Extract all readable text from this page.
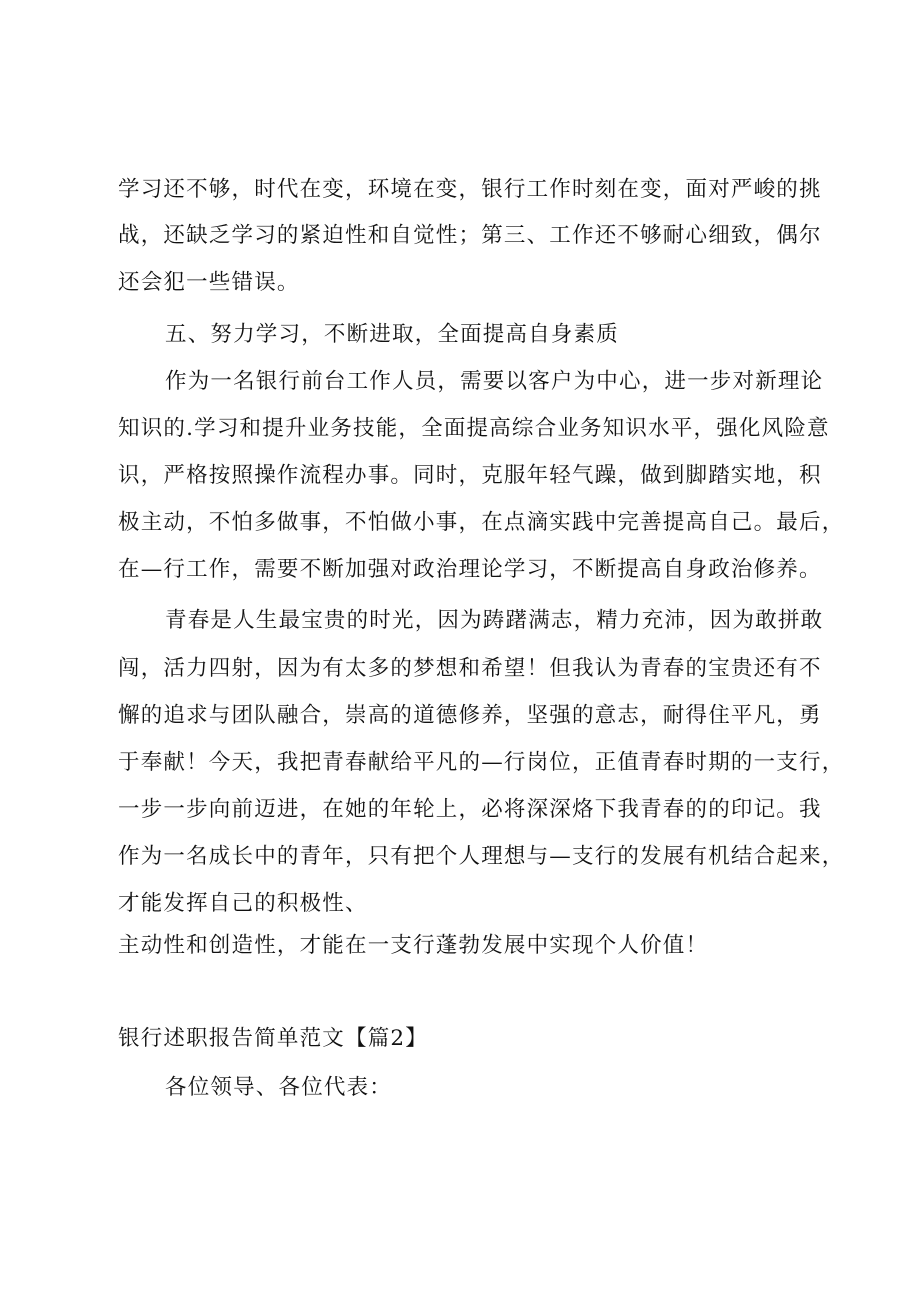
学习还不够，时代在变，环境在变，银行工作时刻在变，面对严峻的挑
战，还缺乏学习的紧迫性和自觉性；第三、工作还不够耐心细致，偶尔
还会犯一些错误。
五、努力学习，不断进取，全面提高自身素质
作为一名银行前台工作人员，需要以客户为中心，进一步对新理论
知识的.学习和提升业务技能，全面提高综合业务知识水平，强化风险意
识，严格按照操作流程办事。同时，克服年轻气躁，做到脚踏实地，积
极主动，不怕多做事，不怕做小事，在点滴实践中完善提高自己。最后，
在—行工作，需要不断加强对政治理论学习，不断提高自身政治修养。
青春是人生最宝贵的时光，因为踌躇满志，精力充沛，因为敢拼敢
闯，活力四射，因为有太多的梦想和希望！但我认为青春的宝贵还有不
懈的追求与团队融合，崇高的道德修养，坚强的意志，耐得住平凡，勇
于奉献！今天，我把青春献给平凡的—行岗位，正值青春时期的一支行，
一步一步向前迈进，在她的年轮上，必将深深烙下我青春的的印记。我
作为一名成长中的青年，只有把个人理想与—支行的发展有机结合起来，
才能发挥自己的积极性、
主动性和创造性，才能在一支行蓬勃发展中实现个人价值！
银行述职报告简单范文【篇2】
各位领导、各位代表：
